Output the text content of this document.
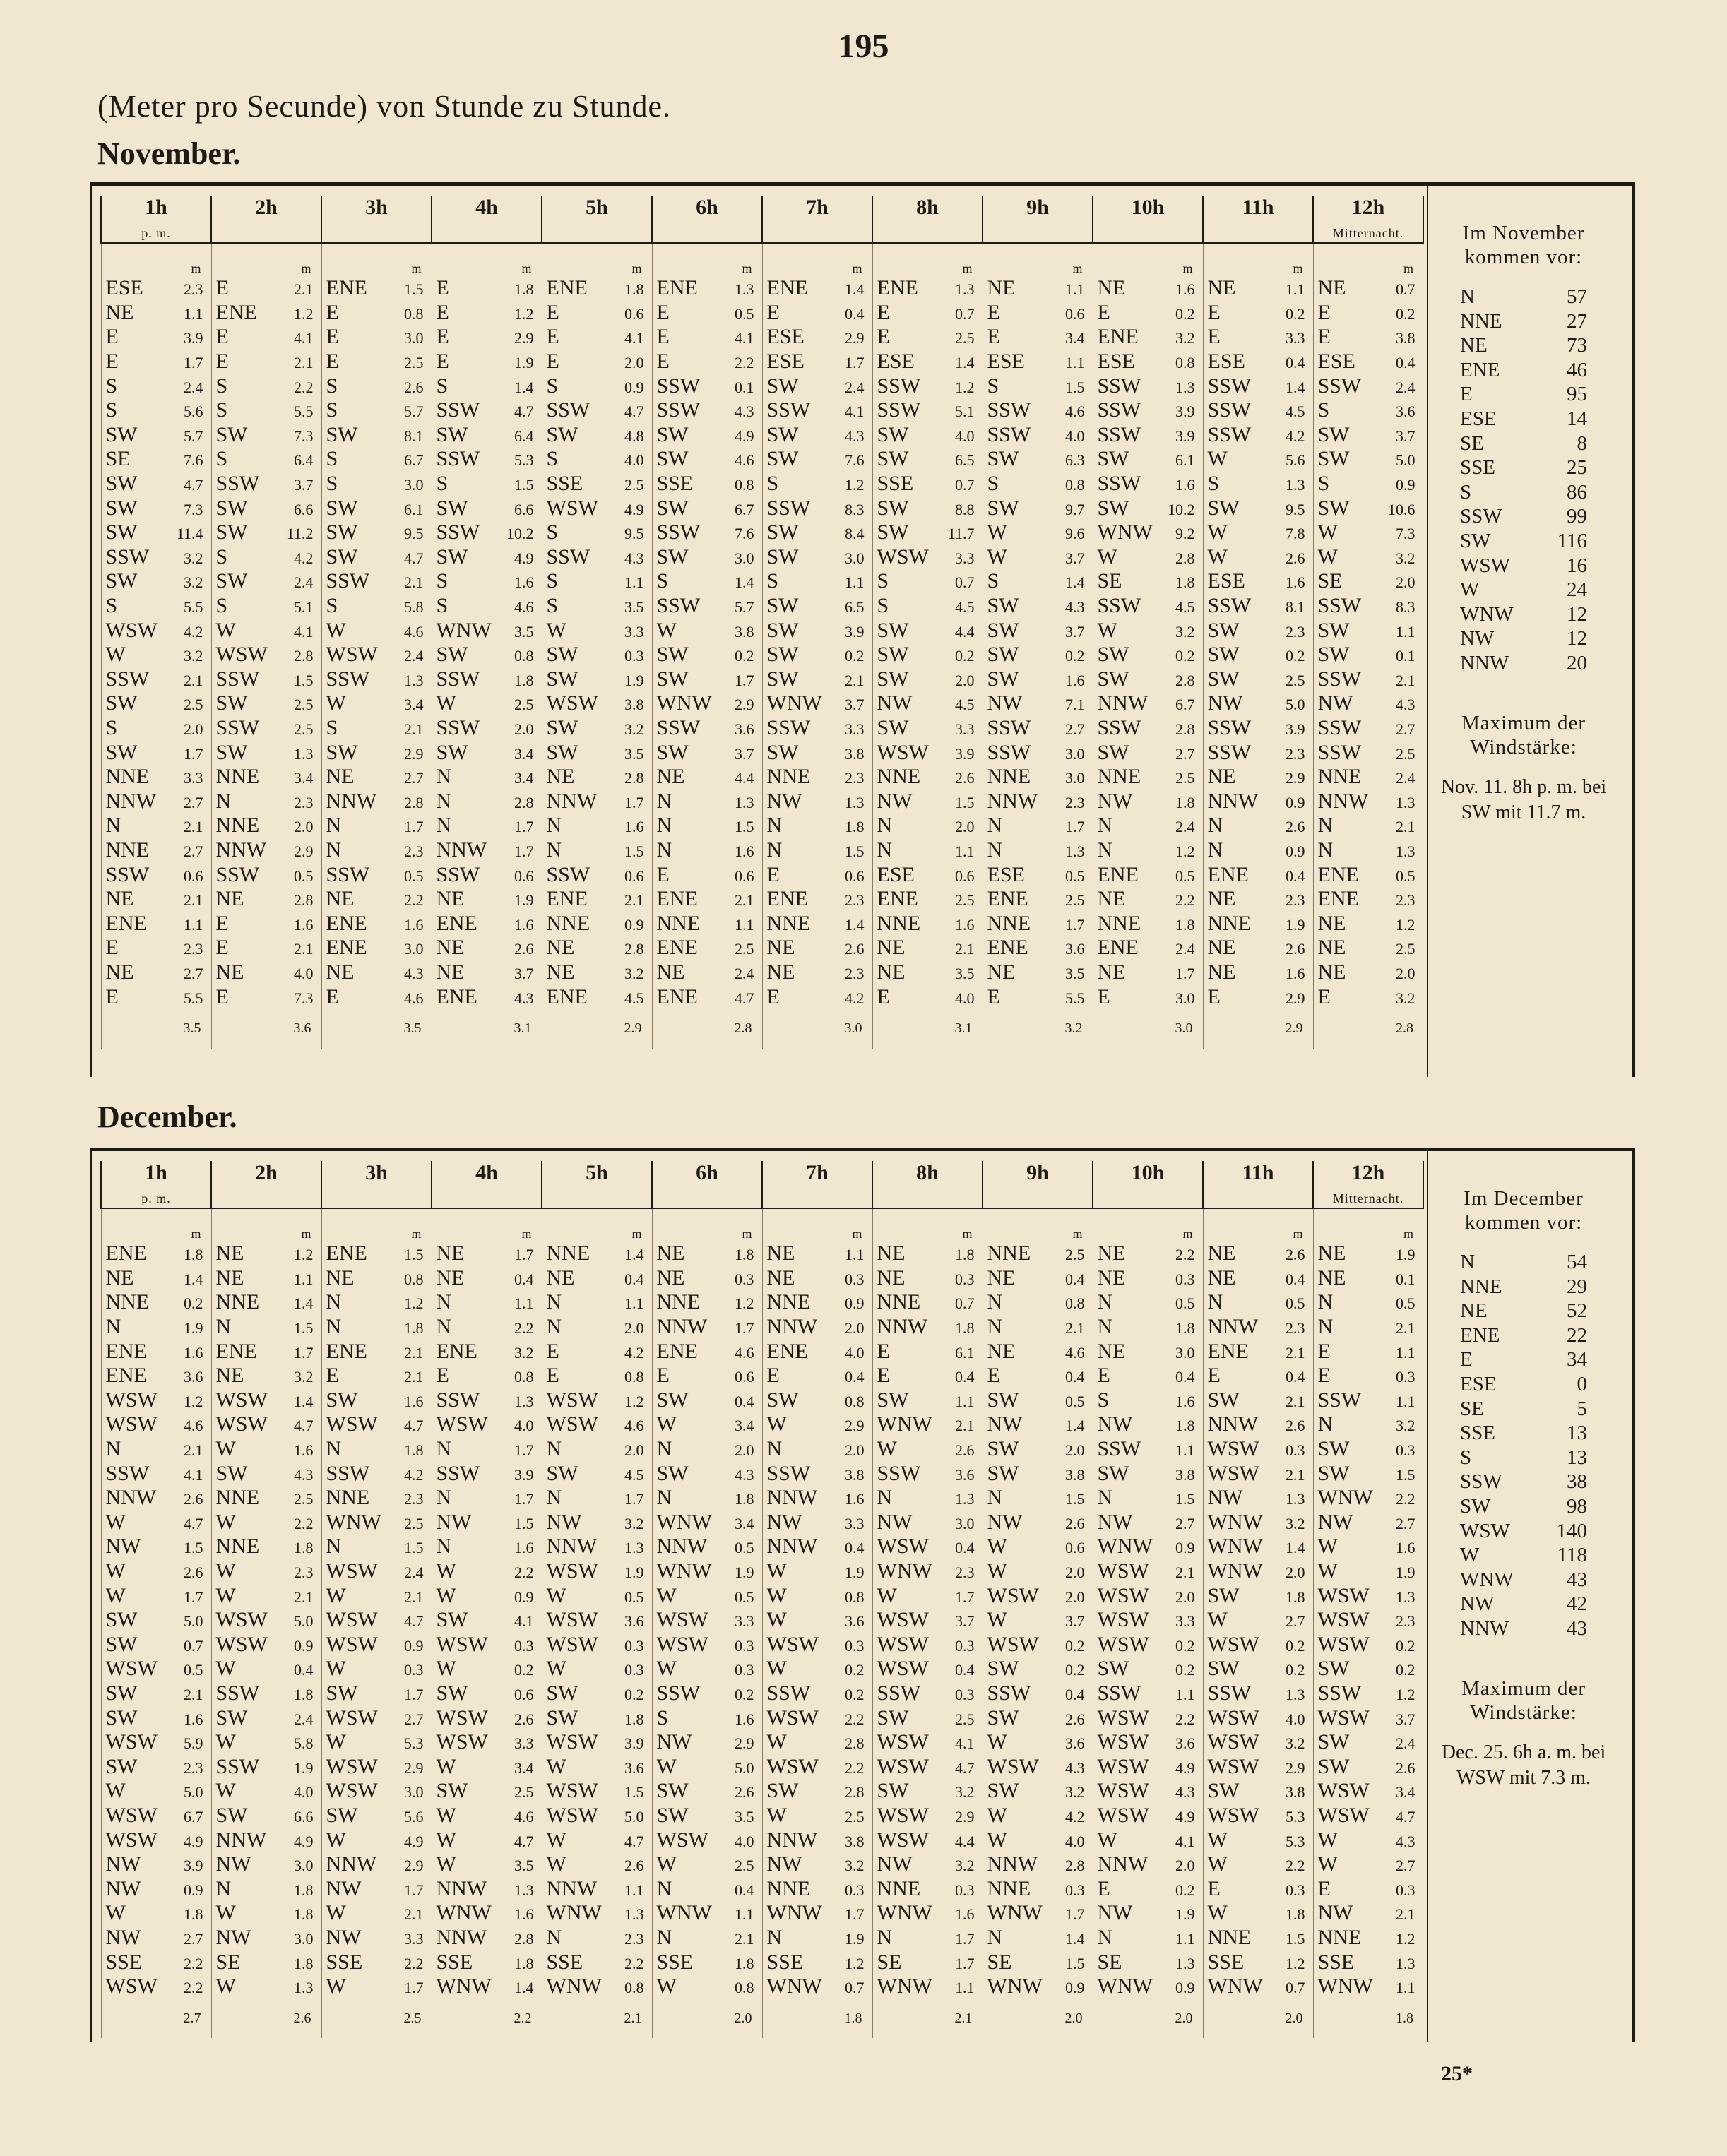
195
(Meter pro Secunde) von Stunde zu Stunde.
November.
1h
p. m.	2h	3h	4h	5h	6h	7h	8h	9h	10h	11h	12h
Mitternacht.

m	m	m	m	m	m	m	m	m	m	m	m
ESE 2.3	E 2.1	ENE 1.5	E 1.8	ENE 1.8	ENE 1.3	ENE 1.4	ENE 1.3	NE 1.1	NE 1.6	NE 1.1	NE 0.7
NE 1.1	ENE 1.2	E 0.8	E 1.2	E 0.6	E 0.5	E 0.4	E 0.7	E 0.6	E 0.2	E 0.2	E 0.2
E 3.9	E 4.1	E 3.0	E 2.9	E 4.1	E 4.1	ESE 2.9	E 2.5	E 3.4	ENE 3.2	E 3.3	E 3.8
E 1.7	E 2.1	E 2.5	E 1.9	E 2.0	E 2.2	ESE 1.7	ESE 1.4	ESE 1.1	ESE 0.8	ESE 0.4	ESE 0.4
S 2.4	S 2.2	S 2.6	S 1.4	S 0.9	SSW 0.1	SW 2.4	SSW 1.2	S 1.5	SSW 1.3	SSW 1.4	SSW 2.4
S 5.6	S 5.5	S 5.7	SSW 4.7	SSW 4.7	SSW 4.3	SSW 4.1	SSW 5.1	SSW 4.6	SSW 3.9	SSW 4.5	S 3.6
SW 5.7	SW 7.3	SW 8.1	SW 6.4	SW 4.8	SW 4.9	SW 4.3	SW 4.0	SSW 4.0	SSW 3.9	SSW 4.2	SW 3.7
SE 7.6	S 6.4	S 6.7	SSW 5.3	S 4.0	SW 4.6	SW 7.6	SW 6.5	SW 6.3	SW 6.1	W 5.6	SW 5.0
SW 4.7	SSW 3.7	S 3.0	S 1.5	SSE 2.5	SSE 0.8	S 1.2	SSE 0.7	S 0.8	SSW 1.6	S 1.3	S 0.9
SW 7.3	SW 6.6	SW 6.1	SW 6.6	WSW 4.9	SW 6.7	SSW 8.3	SW 8.8	SW 9.7	SW 10.2	SW 9.5	SW 10.6
SW 11.4	SW 11.2	SW 9.5	SSW 10.2	S 9.5	SSW 7.6	SW 8.4	SW 11.7	W 9.6	WNW 9.2	W 7.8	W 7.3
SSW 3.2	S 4.2	SW 4.7	SW 4.9	SSW 4.3	SW 3.0	SW 3.0	WSW 3.3	W 3.7	W 2.8	W 2.6	W 3.2
SW 3.2	SW 2.4	SSW 2.1	S 1.6	S 1.1	S 1.4	S 1.1	S 0.7	S 1.4	SE 1.8	ESE 1.6	SE 2.0
S 5.5	S 5.1	S 5.8	S 4.6	S 3.5	SSW 5.7	SW 6.5	S 4.5	SW 4.3	SSW 4.5	SSW 8.1	SSW 8.3
WSW 4.2	W 4.1	W 4.6	WNW 3.5	W 3.3	W 3.8	SW 3.9	SW 4.4	SW 3.7	W 3.2	SW 2.3	SW 1.1
W 3.2	WSW 2.8	WSW 2.4	SW 0.8	SW 0.3	SW 0.2	SW 0.2	SW 0.2	SW 0.2	SW 0.2	SW 0.2	SW 0.1
SSW 2.1	SSW 1.5	SSW 1.3	SSW 1.8	SW 1.9	SW 1.7	SW 2.1	SW 2.0	SW 1.6	SW 2.8	SW 2.5	SSW 2.1
SW 2.5	SW 2.5	W 3.4	W 2.5	WSW 3.8	WNW 2.9	WNW 3.7	NW 4.5	NW 7.1	NNW 6.7	NW 5.0	NW 4.3
S 2.0	SSW 2.5	S 2.1	SSW 2.0	SW 3.2	SSW 3.6	SSW 3.3	SW 3.3	SSW 2.7	SSW 2.8	SSW 3.9	SSW 2.7
SW 1.7	SW 1.3	SW 2.9	SW 3.4	SW 3.5	SW 3.7	SW 3.8	WSW 3.9	SSW 3.0	SW 2.7	SSW 2.3	SSW 2.5
NNE 3.3	NNE 3.4	NE 2.7	N 3.4	NE 2.8	NE 4.4	NNE 2.3	NNE 2.6	NNE 3.0	NNE 2.5	NE 2.9	NNE 2.4
NNW 2.7	N 2.3	NNW 2.8	N 2.8	NNW 1.7	N 1.3	NW 1.3	NW 1.5	NNW 2.3	NW 1.8	NNW 0.9	NNW 1.3
N 2.1	NNE 2.0	N 1.7	N 1.7	N 1.6	N 1.5	N 1.8	N 2.0	N 1.7	N 2.4	N 2.6	N 2.1
NNE 2.7	NNW 2.9	N 2.3	NNW 1.7	N 1.5	N 1.6	N 1.5	N 1.1	N 1.3	N 1.2	N 0.9	N 1.3
SSW 0.6	SSW 0.5	SSW 0.5	SSW 0.6	SSW 0.6	E 0.6	E 0.6	ESE 0.6	ESE 0.5	ENE 0.5	ENE 0.4	ENE 0.5
NE 2.1	NE 2.8	NE 2.2	NE 1.9	ENE 2.1	ENE 2.1	ENE 2.3	ENE 2.5	ENE 2.5	NE 2.2	NE 2.3	ENE 2.3
ENE 1.1	E 1.6	ENE 1.6	ENE 1.6	NNE 0.9	NNE 1.1	NNE 1.4	NNE 1.6	NNE 1.7	NNE 1.8	NNE 1.9	NE 1.2
E 2.3	E 2.1	ENE 3.0	NE 2.6	NE 2.8	ENE 2.5	NE 2.6	NE 2.1	ENE 3.6	ENE 2.4	NE 2.6	NE 2.5
NE 2.7	NE 4.0	NE 4.3	NE 3.7	NE 3.2	NE 2.4	NE 2.3	NE 3.5	NE 3.5	NE 1.7	NE 1.6	NE 2.0
E 5.5	E 7.3	E 4.6	ENE 4.3	ENE 4.5	ENE 4.7	E 4.2	E 4.0	E 5.5	E 3.0	E 2.9	E 3.2
3.5	3.6	3.5	3.1	2.9	2.8	3.0	3.1	3.2	3.0	2.9	2.8
Im November kommen vor:
N	57
NNE	27
NE	73
ENE	46
E	95
ESE	14
SE	8
SSE	25
S	86
SSW	99
SW	116
WSW	16
W	24
WNW	12
NW	12
NNW	20
Maximum der Windstärke:
Nov. 11. 8h p. m. bei SW mit 11.7 m.
December.
1h
p. m.	2h	3h	4h	5h	6h	7h	8h	9h	10h	11h	12h
Mitternacht.

m	m	m	m	m	m	m	m	m	m	m	m
ENE 1.8	NE 1.2	ENE 1.5	NE 1.7	NNE 1.4	NE 1.8	NE 1.1	NE 1.8	NNE 2.5	NE 2.2	NE 2.6	NE 1.9
NE 1.4	NE 1.1	NE 0.8	NE 0.4	NE 0.4	NE 0.3	NE 0.3	NE 0.3	NE 0.4	NE 0.3	NE 0.4	NE 0.1
NNE 0.2	NNE 1.4	N 1.2	N 1.1	N 1.1	NNE 1.2	NNE 0.9	NNE 0.7	N 0.8	N 0.5	N 0.5	N 0.5
N 1.9	N 1.5	N 1.8	N 2.2	N 2.0	NNW 1.7	NNW 2.0	NNW 1.8	N 2.1	N 1.8	NNW 2.3	N 2.1
ENE 1.6	ENE 1.7	ENE 2.1	ENE 3.2	E 4.2	ENE 4.6	ENE 4.0	E 6.1	NE 4.6	NE 3.0	ENE 2.1	E 1.1
ENE 3.6	NE 3.2	E 2.1	E 0.8	E 0.8	E 0.6	E 0.4	E 0.4	E 0.4	E 0.4	E 0.4	E 0.3
WSW 1.2	WSW 1.4	SW 1.6	SSW 1.3	WSW 1.2	SW 0.4	SW 0.8	SW 1.1	SW 0.5	S 1.6	SW 2.1	SSW 1.1
WSW 4.6	WSW 4.7	WSW 4.7	WSW 4.0	WSW 4.6	W 3.4	W 2.9	WNW 2.1	NW 1.4	NW 1.8	NNW 2.6	N 3.2
N 2.1	W 1.6	N 1.8	N 1.7	N 2.0	N 2.0	N 2.0	W 2.6	SW 2.0	SSW 1.1	WSW 0.3	SW 0.3
SSW 4.1	SW 4.3	SSW 4.2	SSW 3.9	SW 4.5	SW 4.3	SSW 3.8	SSW 3.6	SW 3.8	SW 3.8	WSW 2.1	SW 1.5
NNW 2.6	NNE 2.5	NNE 2.3	N 1.7	N 1.7	N 1.8	NNW 1.6	N 1.3	N 1.5	N 1.5	NW 1.3	WNW 2.2
W 4.7	W 2.2	WNW 2.5	NW 1.5	NW 3.2	WNW 3.4	NW 3.3	NW 3.0	NW 2.6	NW 2.7	WNW 3.2	NW 2.7
NW 1.5	NNE 1.8	N 1.5	N 1.6	NNW 1.3	NNW 0.5	NNW 0.4	WSW 0.4	W 0.6	WNW 0.9	WNW 1.4	W 1.6
W 2.6	W 2.3	WSW 2.4	W 2.2	WSW 1.9	WNW 1.9	W 1.9	WNW 2.3	W 2.0	WSW 2.1	WNW 2.0	W 1.9
W 1.7	W 2.1	W 2.1	W 0.9	W 0.5	W 0.5	W 0.8	W 1.7	WSW 2.0	WSW 2.0	SW 1.8	WSW 1.3
SW 5.0	WSW 5.0	WSW 4.7	SW 4.1	WSW 3.6	WSW 3.3	W 3.6	WSW 3.7	W 3.7	WSW 3.3	W 2.7	WSW 2.3
SW 0.7	WSW 0.9	WSW 0.9	WSW 0.3	WSW 0.3	WSW 0.3	WSW 0.3	WSW 0.3	WSW 0.2	WSW 0.2	WSW 0.2	WSW 0.2
WSW 0.5	W 0.4	W 0.3	W 0.2	W 0.3	W 0.3	W 0.2	WSW 0.4	SW 0.2	SW 0.2	SW 0.2	SW 0.2
SW 2.1	SSW 1.8	SW 1.7	SW 0.6	SW 0.2	SSW 0.2	SSW 0.2	SSW 0.3	SSW 0.4	SSW 1.1	SSW 1.3	SSW 1.2
SW 1.6	SW 2.4	WSW 2.7	WSW 2.6	SW 1.8	S 1.6	WSW 2.2	SW 2.5	SW 2.6	WSW 2.2	WSW 4.0	WSW 3.7
WSW 5.9	W 5.8	W 5.3	WSW 3.3	WSW 3.9	NW 2.9	W 2.8	WSW 4.1	W 3.6	WSW 3.6	WSW 3.2	SW 2.4
SW 2.3	SSW 1.9	WSW 2.9	W 3.4	W 3.6	W 5.0	WSW 2.2	WSW 4.7	WSW 4.3	WSW 4.9	WSW 2.9	SW 2.6
W 5.0	W 4.0	WSW 3.0	SW 2.5	WSW 1.5	SW 2.6	SW 2.8	SW 3.2	SW 3.2	WSW 4.3	SW 3.8	WSW 3.4
WSW 6.7	SW 6.6	SW 5.6	W 4.6	WSW 5.0	SW 3.5	W 2.5	WSW 2.9	W 4.2	WSW 4.9	WSW 5.3	WSW 4.7
WSW 4.9	NNW 4.9	W 4.9	W 4.7	W 4.7	WSW 4.0	NNW 3.8	WSW 4.4	W 4.0	W 4.1	W 5.3	W 4.3
NW 3.9	NW 3.0	NNW 2.9	W 3.5	W 2.6	W 2.5	NW 3.2	NW 3.2	NNW 2.8	NNW 2.0	W 2.2	W 2.7
NW 0.9	N 1.8	NW 1.7	NNW 1.3	NNW 1.1	N 0.4	NNE 0.3	NNE 0.3	NNE 0.3	E 0.2	E 0.3	E 0.3
W 1.8	W 1.8	W 2.1	WNW 1.6	WNW 1.3	WNW 1.1	WNW 1.7	WNW 1.6	WNW 1.7	NW 1.9	W 1.8	NW 2.1
NW 2.7	NW 3.0	NW 3.3	NNW 2.8	N 2.3	N 2.1	N 1.9	N 1.7	N 1.4	N 1.1	NNE 1.5	NNE 1.2
SSE 2.2	SE 1.8	SSE 2.2	SSE 1.8	SSE 2.2	SSE 1.8	SSE 1.2	SE 1.7	SE 1.5	SE 1.3	SSE 1.2	SSE 1.3
WSW 2.2	W 1.3	W 1.7	WNW 1.4	WNW 0.8	W 0.8	WNW 0.7	WNW 1.1	WNW 0.9	WNW 0.9	WNW 0.7	WNW 1.1
2.7	2.6	2.5	2.2	2.1	2.0	1.8	2.1	2.0	2.0	2.0	1.8
Im December kommen vor:
N	54
NNE	29
NE	52
ENE	22
E	34
ESE	0
SE	5
SSE	13
S	13
SSW	38
SW	98
WSW	140
W	118
WNW	43
NW	42
NNW	43
Maximum der Windstärke:
Dec. 25. 6h a. m. bei WSW mit 7.3 m.
25*
